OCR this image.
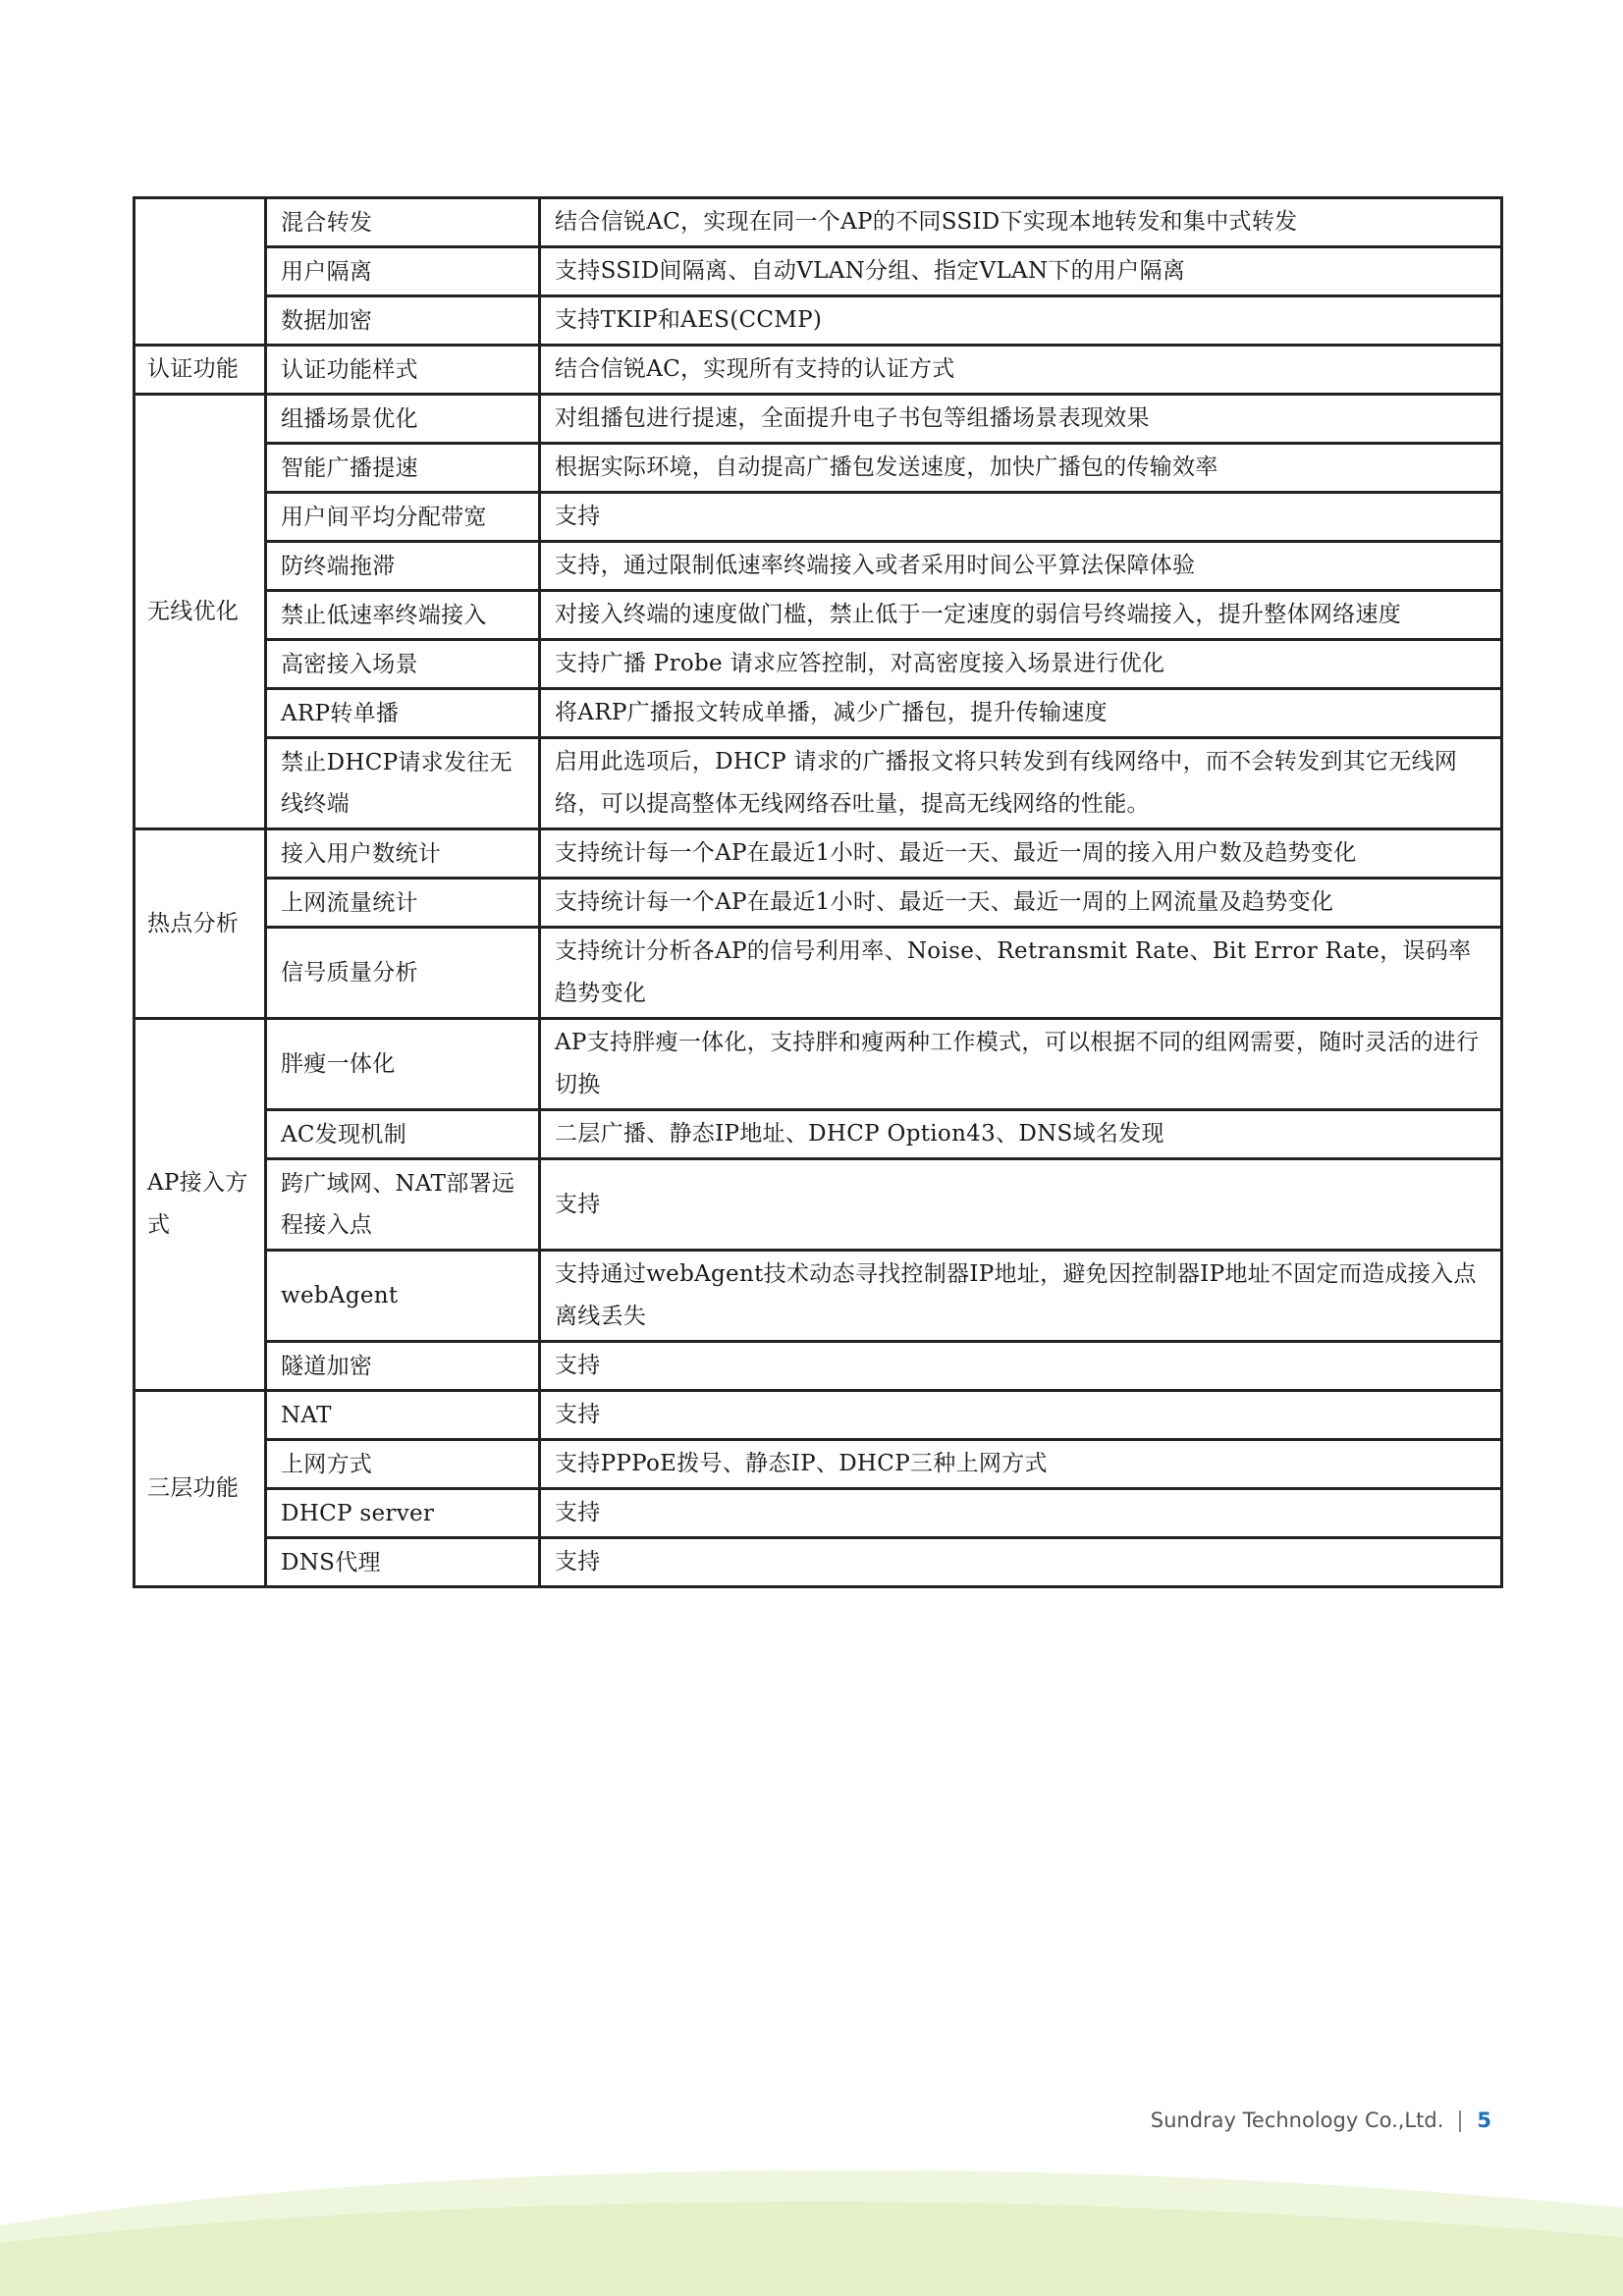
	混合转发	结合信锐AC，实现在同一个AP的不同SSID下实现本地转发和集中式转发
	用户隔离	支持SSID间隔离、自动VLAN分组、指定VLAN下的用户隔离
	数据加密	支持TKIP和AES(CCMP)
认证功能	认证功能样式	结合信锐AC，实现所有支持的认证方式
无线优化	组播场景优化	对组播包进行提速，全面提升电子书包等组播场景表现效果
	智能广播提速	根据实际环境，自动提高广播包发送速度，加快广播包的传输效率
	用户间平均分配带宽	支持
	防终端拖滞	支持，通过限制低速率终端接入或者采用时间公平算法保障体验
	禁止低速率终端接入	对接入终端的速度做门槛，禁止低于一定速度的弱信号终端接入，提升整体网络速度
	高密接入场景	支持广播 Probe 请求应答控制，对高密度接入场景进行优化
	ARP转单播	将ARP广播报文转成单播，减少广播包，提升传输速度
	禁止DHCP请求发往无线终端	启用此选项后，DHCP 请求的广播报文将只转发到有线网络中，而不会转发到其它无线网络，可以提高整体无线网络吞吐量，提高无线网络的性能。
热点分析	接入用户数统计	支持统计每一个AP在最近1小时、最近一天、最近一周的接入用户数及趋势变化
	上网流量统计	支持统计每一个AP在最近1小时、最近一天、最近一周的上网流量及趋势变化
	信号质量分析	支持统计分析各AP的信号利用率、Noise、Retransmit Rate、Bit Error Rate，误码率趋势变化
AP接入方式	胖瘦一体化	AP支持胖瘦一体化，支持胖和瘦两种工作模式，可以根据不同的组网需要，随时灵活的进行切换
	AC发现机制	二层广播、静态IP地址、DHCP Option43、DNS域名发现
	跨广域网、NAT部署远程接入点	支持
	webAgent	支持通过webAgent技术动态寻找控制器IP地址，避免因控制器IP地址不固定而造成接入点离线丢失
	隧道加密	支持
三层功能	NAT	支持
	上网方式	支持PPPoE拨号、静态IP、DHCP三种上网方式
	DHCP server	支持
	DNS代理	支持
Sundray Technology Co.,Ltd. 5
